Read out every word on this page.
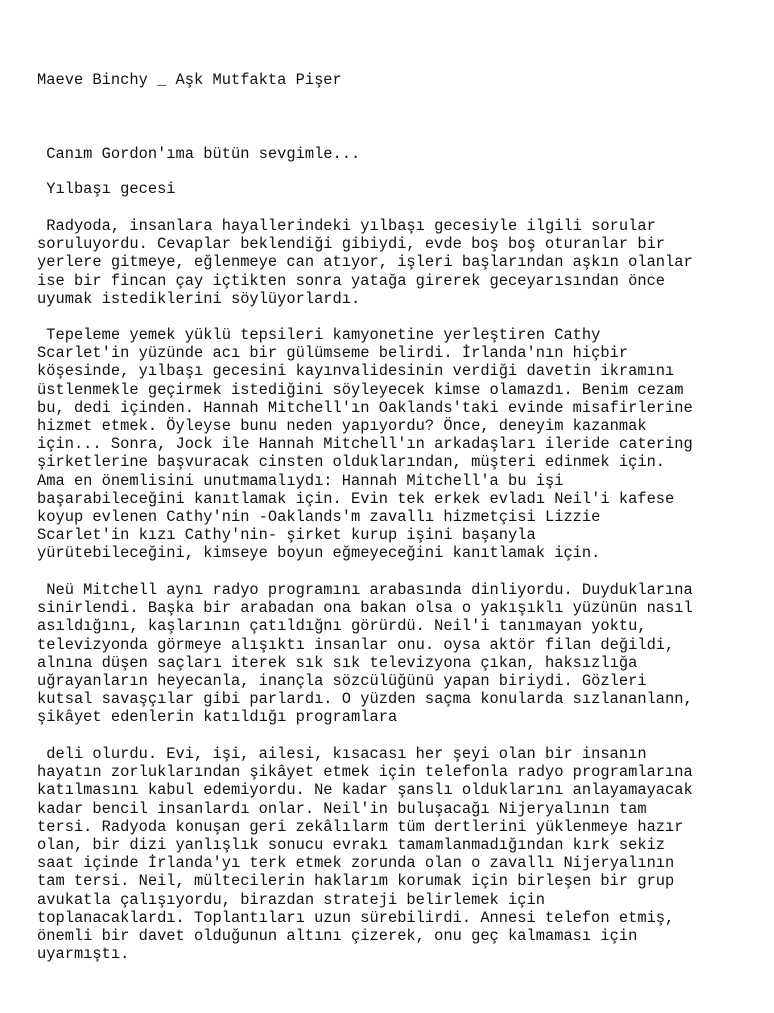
Maeve Binchy _ Aşk Mutfakta Pişer
Canım Gordon'ıma bütün sevgimle...
Yılbaşı gecesi
Radyoda, insanlara hayallerindeki yılbaşı gecesiyle ilgili sorular
soruluyordu. Cevaplar beklendiği gibiydi, evde boş boş oturanlar bir
yerlere gitmeye, eğlenmeye can atıyor, işleri başlarından aşkın olanlar
ise bir fincan çay içtikten sonra yatağa girerek geceyarısından önce
uyumak istediklerini söylüyorlardı.
Tepeleme yemek yüklü tepsileri kamyonetine yerleştiren Cathy
Scarlet'in yüzünde acı bir gülümseme belirdi. İrlanda'nın hiçbir
köşesinde, yılbaşı gecesini kayınvalidesinin verdiği davetin ikramını
üstlenmekle geçirmek istediğini söyleyecek kimse olamazdı. Benim cezam
bu, dedi içinden. Hannah Mitchell'ın Oaklands'taki evinde misafirlerine
hizmet etmek. Öyleyse bunu neden yapıyordu? Önce, deneyim kazanmak
için... Sonra, Jock ile Hannah Mitchell'ın arkadaşları ileride catering
şirketlerine başvuracak cinsten olduklarından, müşteri edinmek için.
Ama en önemlisini unutmamalıydı: Hannah Mitchell'a bu işi
başarabileceğini kanıtlamak için. Evin tek erkek evladı Neil'i kafese
koyup evlenen Cathy'nin -Oaklands'm zavallı hizmetçisi Lizzie
Scarlet'in kızı Cathy'nin- şirket kurup işini başanyla
yürütebileceğini, kimseye boyun eğmeyeceğini kanıtlamak için.
Neü Mitchell aynı radyo programını arabasında dinliyordu. Duyduklarına
sinirlendi. Başka bir arabadan ona bakan olsa o yakışıklı yüzünün nasıl
asıldığını, kaşlarının çatıldığnı görürdü. Neil'i tanımayan yoktu,
televizyonda görmeye alışıktı insanlar onu. oysa aktör filan değildi,
alnına düşen saçları iterek sık sık televizyona çıkan, haksızlığa
uğrayanların heyecanla, inançla sözcülüğünü yapan biriydi. Gözleri
kutsal savaşçılar gibi parlardı. O yüzden saçma konularda sızlananlann,
şikâyet edenlerin katıldığı programlara
deli olurdu. Evi, işi, ailesi, kısacası her şeyi olan bir insanın
hayatın zorluklarından şikâyet etmek için telefonla radyo programlarına
katılmasını kabul edemiyordu. Ne kadar şanslı olduklarını anlayamayacak
kadar bencil insanlardı onlar. Neil'in buluşacağı Nijeryalının tam
tersi. Radyoda konuşan geri zekâlılarm tüm dertlerini yüklenmeye hazır
olan, bir dizi yanlışlık sonucu evrakı tamamlanmadığından kırk sekiz
saat içinde İrlanda'yı terk etmek zorunda olan o zavallı Nijeryalının
tam tersi. Neil, mültecilerin haklarım korumak için birleşen bir grup
avukatla çalışıyordu, birazdan strateji belirlemek için
toplanacaklardı. Toplantıları uzun sürebilirdi. Annesi telefon etmiş,
önemli bir davet olduğunun altını çizerek, onu geç kalmaması için
uyarmıştı.
